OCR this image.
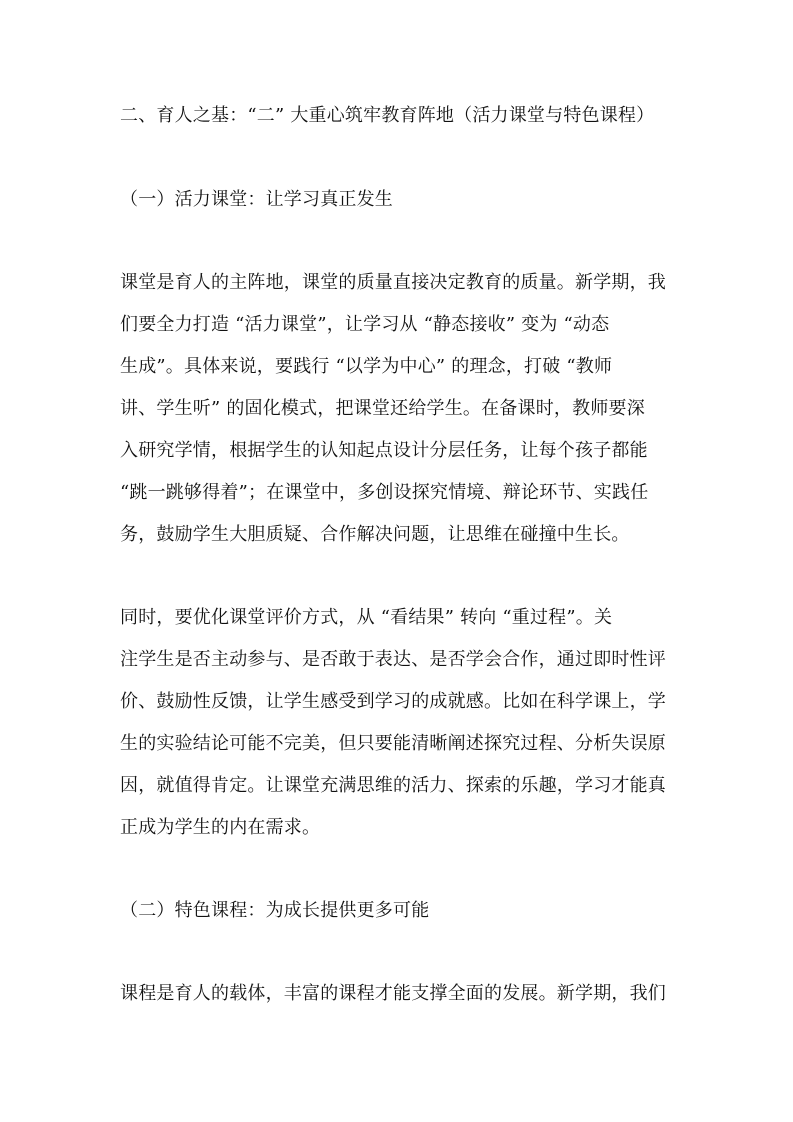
二、育人之基：“二” 大重心筑牢教育阵地（活力课堂与特色课程）
（一）活力课堂：让学习真正发生
课堂是育人的主阵地，课堂的质量直接决定教育的质量。新学期，我
们要全力打造 “活力课堂”，让学习从 “静态接收” 变为 “动态
生成”。具体来说，要践行 “以学为中心” 的理念，打破 “教师
讲、学生听” 的固化模式，把课堂还给学生。在备课时，教师要深
入研究学情，根据学生的认知起点设计分层任务，让每个孩子都能
“跳一跳够得着”；在课堂中，多创设探究情境、辩论环节、实践任
务，鼓励学生大胆质疑、合作解决问题，让思维在碰撞中生长。
同时，要优化课堂评价方式，从 “看结果” 转向 “重过程”。关
注学生是否主动参与、是否敢于表达、是否学会合作，通过即时性评
价、鼓励性反馈，让学生感受到学习的成就感。比如在科学课上，学
生的实验结论可能不完美，但只要能清晰阐述探究过程、分析失误原
因，就值得肯定。让课堂充满思维的活力、探索的乐趣，学习才能真
正成为学生的内在需求。
（二）特色课程：为成长提供更多可能
课程是育人的载体，丰富的课程才能支撑全面的发展。新学期，我们
